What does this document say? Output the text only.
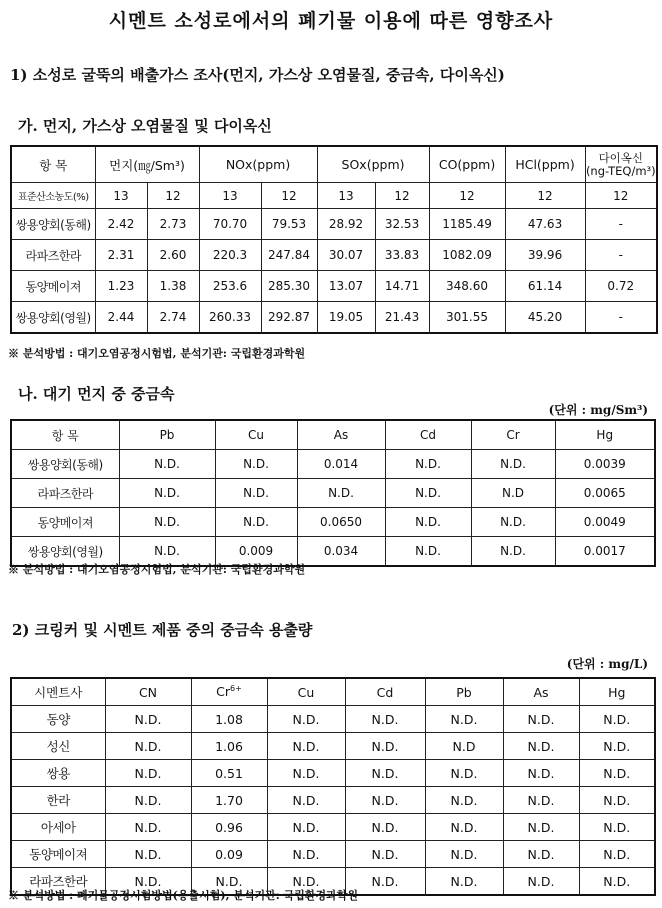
시멘트 소성로에서의 폐기물 이용에 따른 영향조사
1) 소성로 굴뚝의 배출가스 조사(먼지, 가스상 오염물질, 중금속, 다이옥신)
가. 먼지, 가스상 오염물질 및 다이옥신
항 목	먼지(㎎/Sm³)		NOx(ppm)		SOx(ppm)		CO(ppm)	HCl(ppm)	다이옥신 (ng-TEQ/m³)
표준산소농도(%)	13	12	13	12	13	12	12	12	12
쌍용양회(동해)	2.42	2.73	70.70	79.53	28.92	32.53	1185.49	47.63	-
라파즈한라	2.31	2.60	220.3	247.84	30.07	33.83	1082.09	39.96	-
동양메이져	1.23	1.38	253.6	285.30	13.07	14.71	348.60	61.14	0.72
쌍용양회(영월)	2.44	2.74	260.33	292.87	19.05	21.43	301.55	45.20	-
※ 분석방법 : 대기오염공정시험법, 분석기관: 국립환경과학원
나. 대기 먼지 중 중금속
(단위 : mg/Sm³)
항 목	Pb	Cu	As	Cd	Cr	Hg
쌍용양회(동해)	N.D.	N.D.	0.014	N.D.	N.D.	0.0039
라파즈한라	N.D.	N.D.	N.D.	N.D.	N.D	0.0065
동양메이져	N.D.	N.D.	0.0650	N.D.	N.D.	0.0049
쌍용양회(영월)	N.D.	0.009	0.034	N.D.	N.D.	0.0017
※ 분석방법 : 대기오염공정시험법, 분석기관: 국립환경과학원
2) 크링커 및 시멘트 제품 중의 중금속 용출량
(단위 : mg/L)
시멘트사	CN	$Cr^{6+}$	Cu	Cd	Pb	As	Hg
동양	N.D.	1.08	N.D.	N.D.	N.D.	N.D.	N.D.
성신	N.D.	1.06	N.D.	N.D.	N.D	N.D.	N.D.
쌍용	N.D.	0.51	N.D.	N.D.	N.D.	N.D.	N.D.
한라	N.D.	1.70	N.D.	N.D.	N.D.	N.D.	N.D.
아세아	N.D.	0.96	N.D.	N.D.	N.D.	N.D.	N.D.
동양메이져	N.D.	0.09	N.D.	N.D.	N.D.	N.D.	N.D.
라파즈한라	N.D.	N.D.	N.D.	N.D.	N.D.	N.D.	N.D.
※ 분석방법 : 폐기물공정시험방법(용출시험), 분석기관: 국립환경과학원
